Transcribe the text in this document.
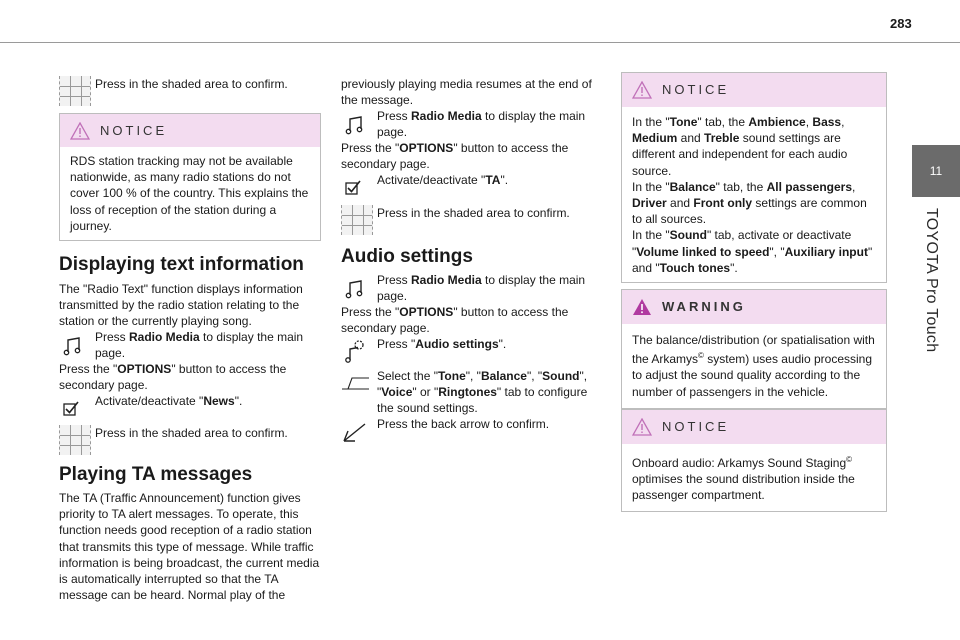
283
11
TOYOTA Pro Touch
Press in the shaded area to confirm.
NOTICE
RDS station tracking may not be available nationwide, as many radio stations do not cover 100 % of the country. This explains the loss of reception of the station during a journey.
Displaying text information

The "Radio Text" function displays information transmitted by the radio station relating to the station or the currently playing song.

Press Radio Media to display the main page.

Press the "OPTIONS" button to access the secondary page.

Activate/deactivate "News".
Press in the shaded area to confirm.
Playing TA messages

The TA (Traffic Announcement) function gives priority to TA alert messages. To operate, this function needs good reception of a radio station that transmits this type of message. While traffic information is being broadcast, the current media is automatically interrupted so that the TA message can be heard. Normal play of the

previously playing media resumes at the end of the message.

Press Radio Media to display the main page.

Press the "OPTIONS" button to access the secondary page.

Activate/deactivate "TA".
Press in the shaded area to confirm.
Audio settings
Press Radio Media to display the main page.

Press the "OPTIONS" button to access the secondary page.

Press "Audio settings".
Select the "Tone", "Balance", "Sound", "Voice" or "Ringtones" tab to configure the sound settings.
Press the back arrow to confirm.
NOTICE
In the "Tone" tab, the Ambience, Bass, Medium and Treble sound settings are different and independent for each audio source.
In the "Balance" tab, the All passengers, Driver and Front only settings are common to all sources.
In the "Sound" tab, activate or deactivate "Volume linked to speed", "Auxiliary input" and "Touch tones".
WARNING
The balance/distribution (or spatialisation with the Arkamys© system) uses audio processing to adjust the sound quality according to the number of passengers in the vehicle.
NOTICE
Onboard audio: Arkamys Sound Staging© optimises the sound distribution inside the passenger compartment.
